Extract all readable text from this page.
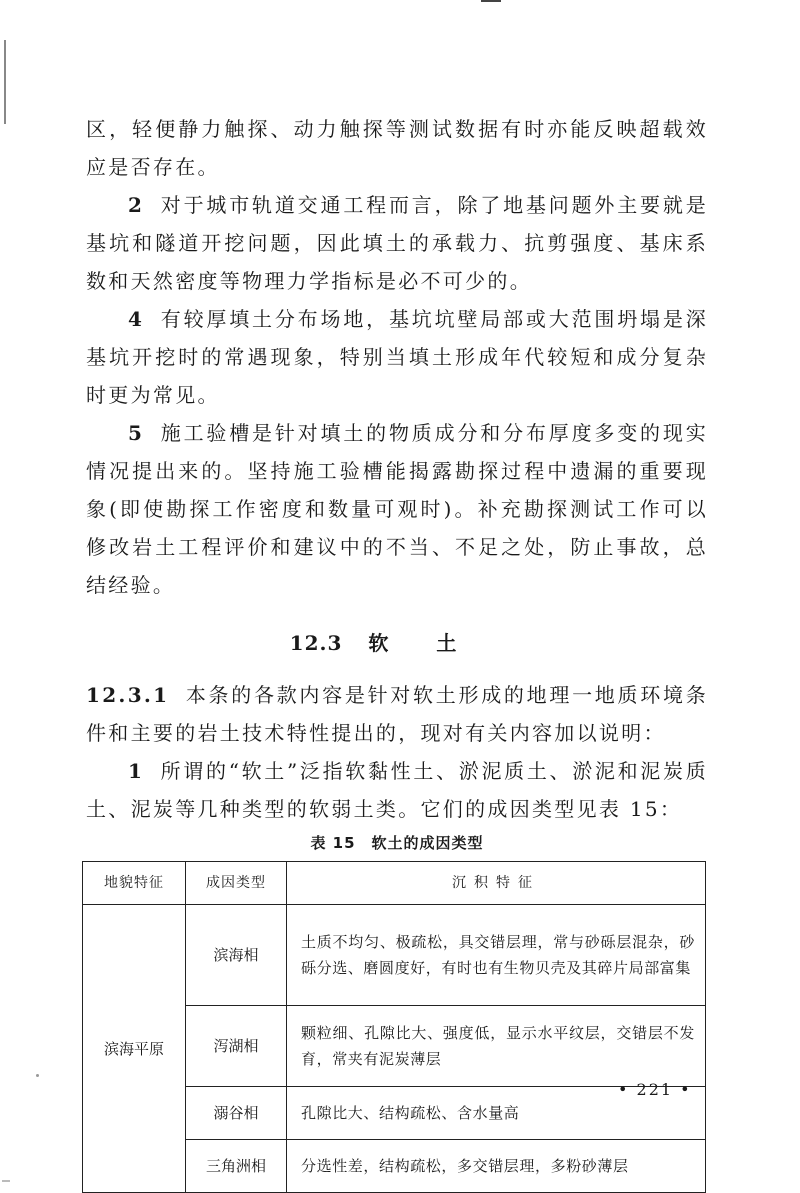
区，轻便静力触探、动力触探等测试数据有时亦能反映超载效应是否存在。

2 对于城市轨道交通工程而言，除了地基问题外主要就是基坑和隧道开挖问题，因此填土的承载力、抗剪强度、基床系数和天然密度等物理力学指标是必不可少的。

4 有较厚填土分布场地，基坑坑壁局部或大范围坍塌是深基坑开挖时的常遇现象，特别当填土形成年代较短和成分复杂时更为常见。

5 施工验槽是针对填土的物质成分和分布厚度多变的现实情况提出来的。坚持施工验槽能揭露勘探过程中遗漏的重要现象(即使勘探工作密度和数量可观时)。补充勘探测试工作可以修改岩土工程评价和建议中的不当、不足之处，防止事故，总结经验。

12.3 软土

12.3.1 本条的各款内容是针对软土形成的地理一地质环境条件和主要的岩土技术特性提出的，现对有关内容加以说明：

1 所谓的“软土”泛指软黏性土、淤泥质土、淤泥和泥炭质土、泥炭等几种类型的软弱土类。它们的成因类型见表 15：

表 15　软土的成因类型
地貌特征	成因类型	沉积特征
滨海平原	滨海相	土质不均匀、极疏松，具交错层理，常与砂砾层混杂，砂砾分选、磨圆度好，有时也有生物贝壳及其碎片局部富集
	泻湖相	颗粒细、孔隙比大、强度低，显示水平纹层，交错层不发育，常夹有泥炭薄层
	溺谷相	孔隙比大、结构疏松、含水量高
	三角洲相	分选性差，结构疏松，多交错层理，多粉砂薄层
• 221 •
